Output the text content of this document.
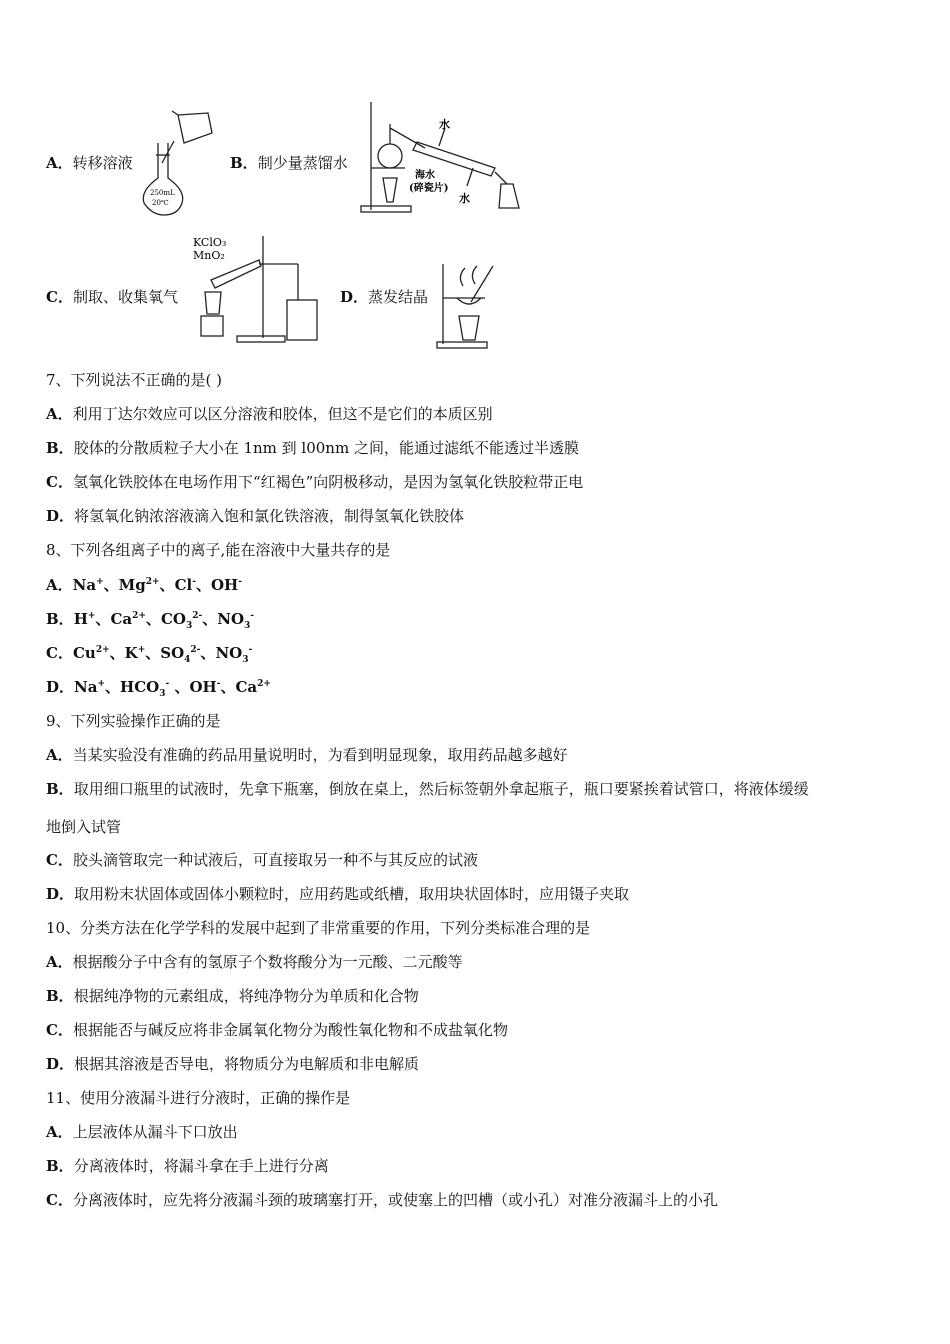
A．转移溶液
250mL
20℃
B．制少量蒸馏水
水
海水
(碎瓷片)
水
C．制取、收集氧气
KClO₃
MnO₂
D．蒸发结晶
7、下列说法不正确的是( )
A．利用丁达尔效应可以区分溶液和胶体，但这不是它们的本质区别
B．胶体的分散质粒子大小在 1nm 到 l00nm 之间，能通过滤纸不能透过半透膜
C．氢氧化铁胶体在电场作用下“红褐色”向阴极移动，是因为氢氧化铁胶粒带正电
D．将氢氧化钠浓溶液滴入饱和氯化铁溶液，制得氢氧化铁胶体
8、下列各组离子中的离子,能在溶液中大量共存的是
A．Na+、$Mg^{2+}$、Cl-、OH-
B．H+、$Ca^{2+}$、$CO_3^{2-}$、$NO_3^-$
C．$Cu^{2+}$、K+、$SO_4^{2-}$、$NO_3^-$
D．Na+、$HCO_3^-$ 、OH-、$Ca^{2+}$
9、下列实验操作正确的是
A．当某实验没有准确的药品用量说明时，为看到明显现象，取用药品越多越好
B．取用细口瓶里的试液时，先拿下瓶塞，倒放在桌上，然后标签朝外拿起瓶子，瓶口要紧挨着试管口，将液体缓缓
地倒入试管
C．胶头滴管取完一种试液后，可直接取另一种不与其反应的试液
D．取用粉末状固体或固体小颗粒时，应用药匙或纸槽，取用块状固体时，应用镊子夹取
10、分类方法在化学学科的发展中起到了非常重要的作用，下列分类标准合理的是
A．根据酸分子中含有的氢原子个数将酸分为一元酸、二元酸等
B．根据纯净物的元素组成，将纯净物分为单质和化合物
C．根据能否与碱反应将非金属氧化物分为酸性氧化物和不成盐氧化物
D．根据其溶液是否导电，将物质分为电解质和非电解质
11、使用分液漏斗进行分液时，正确的操作是
A．上层液体从漏斗下口放出
B．分离液体时，将漏斗拿在手上进行分离
C．分离液体时，应先将分液漏斗颈的玻璃塞打开，或使塞上的凹槽（或小孔）对准分液漏斗上的小孔
